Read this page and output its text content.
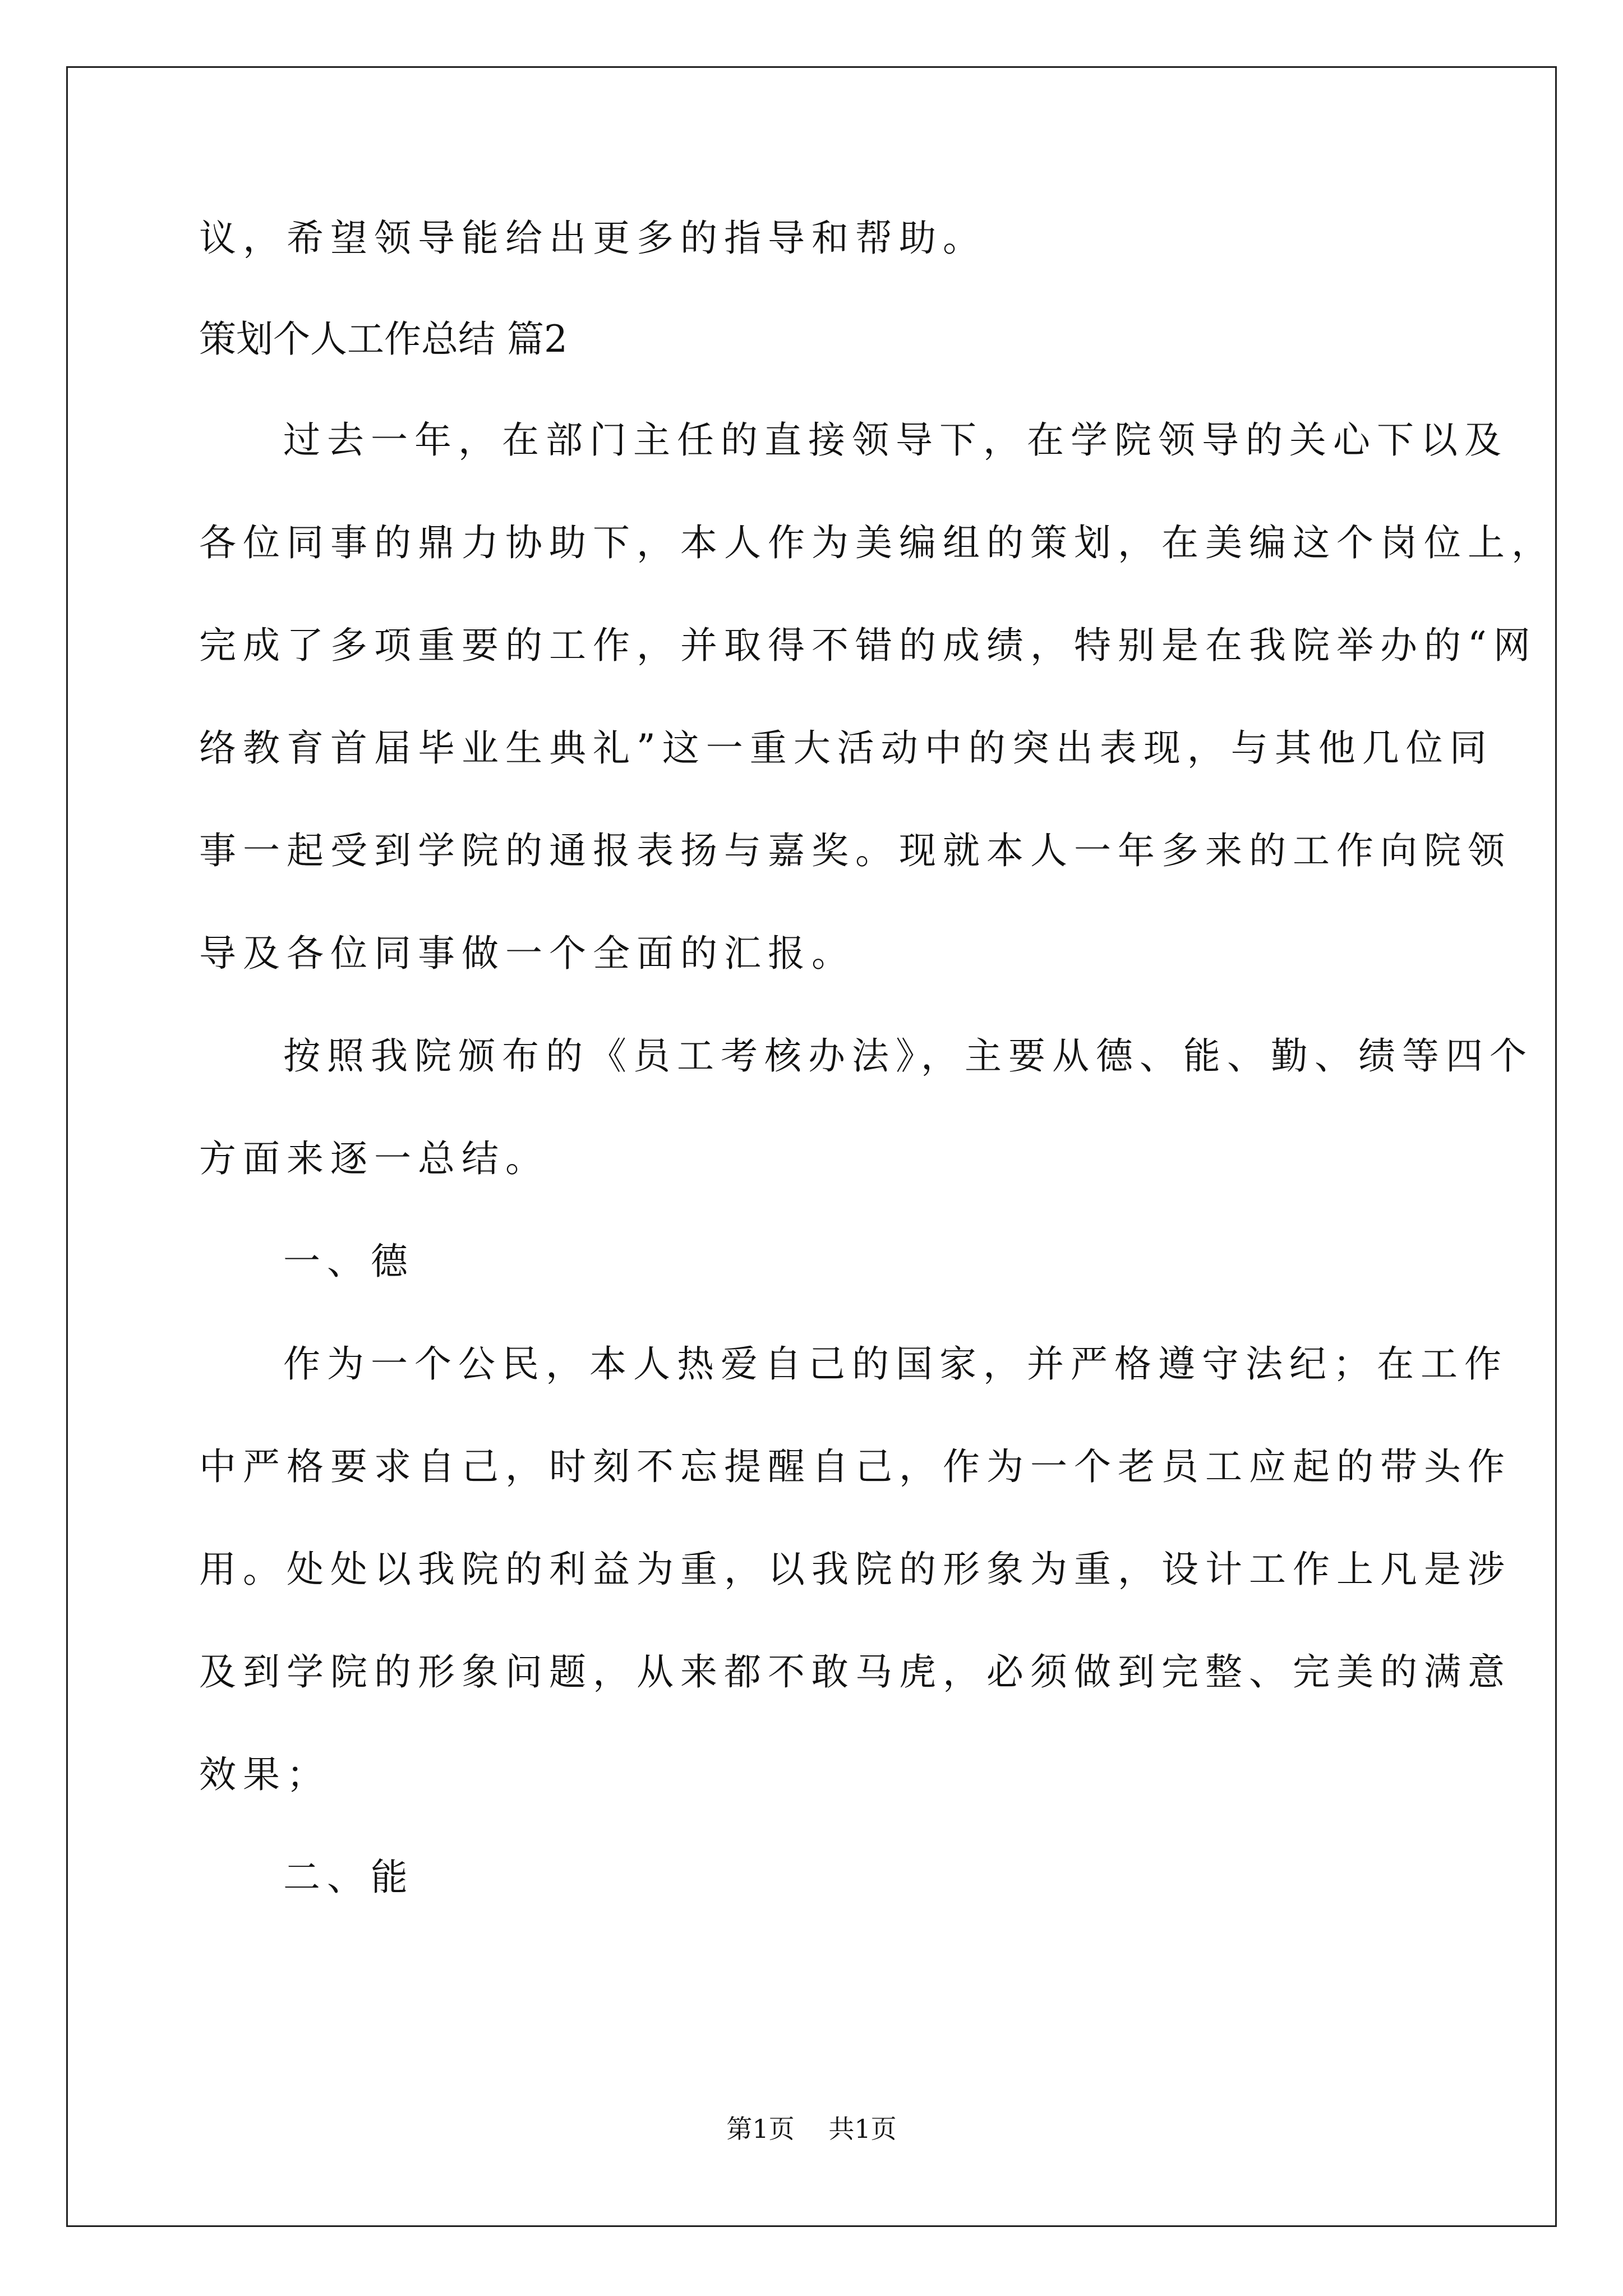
议，希望领导能给出更多的指导和帮助。
策划个人工作总结 篇2
过去一年，在部门主任的直接领导下，在学院领导的关心下以及
各位同事的鼎力协助下，本人作为美编组的策划，在美编这个岗位上，
完成了多项重要的工作，并取得不错的成绩，特别是在我院举办的“网
络教育首届毕业生典礼”这一重大活动中的突出表现，与其他几位同
事一起受到学院的通报表扬与嘉奖。现就本人一年多来的工作向院领
导及各位同事做一个全面的汇报。
按照我院颁布的《员工考核办法》，主要从德、能、勤、绩等四个
方面来逐一总结。
一、德
作为一个公民，本人热爱自己的国家，并严格遵守法纪；在工作
中严格要求自己，时刻不忘提醒自己，作为一个老员工应起的带头作
用。处处以我院的利益为重，以我院的形象为重，设计工作上凡是涉
及到学院的形象问题，从来都不敢马虎，必须做到完整、完美的满意
效果；
二、能
第1页 共1页
